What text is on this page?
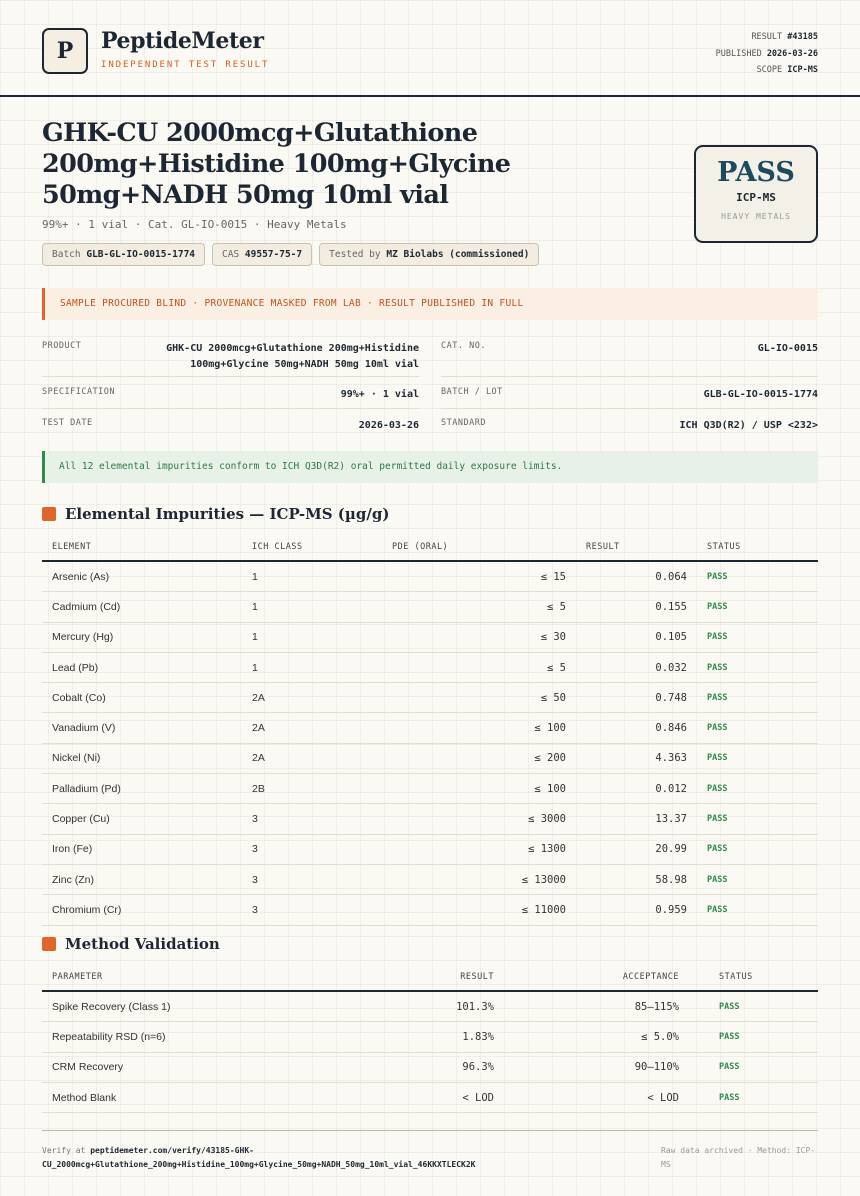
P	PeptideMeter
INDEPENDENT TEST RESULT
RESULT #43185
PUBLISHED 2026-03-26
SCOPE ICP-MS
GHK-CU 2000mcg+Glutathione 200mg+Histidine 100mg+Glycine 50mg+NADH 50mg 10ml vial
99%+ · 1 vial · Cat. GL-IO-0015 · Heavy Metals
Batch GLB-GL-IO-0015-1774	CAS 49557-75-7	Tested by MZ Biolabs (commissioned)
PASS
ICP-MS
HEAVY METALS
SAMPLE PROCURED BLIND · PROVENANCE MASKED FROM LAB · RESULT PUBLISHED IN FULL
PRODUCT	GHK-CU 2000mcg+Glutathione 200mg+Histidine 100mg+Glycine 50mg+NADH 50mg 10ml vial
CAT. NO.	GL-IO-0015
SPECIFICATION	99%+ · 1 vial	BATCH / LOT	GLB-GL-IO-0015-1774
TEST DATE	2026-03-26	STANDARD	ICH Q3D(R2) / USP <232>
All 12 elemental impurities conform to ICH Q3D(R2) oral permitted daily exposure limits.
Elemental Impurities — ICP-MS (µg/g)
ELEMENT	ICH CLASS	PDE (ORAL)	RESULT	STATUS
Arsenic (As)	1	≤ 15	0.064	PASS
Cadmium (Cd)	1	≤ 5	0.155	PASS
Mercury (Hg)	1	≤ 30	0.105	PASS
Lead (Pb)	1	≤ 5	0.032	PASS
Cobalt (Co)	2A	≤ 50	0.748	PASS
Vanadium (V)	2A	≤ 100	0.846	PASS
Nickel (Ni)	2A	≤ 200	4.363	PASS
Palladium (Pd)	2B	≤ 100	0.012	PASS
Copper (Cu)	3	≤ 3000	13.37	PASS
Iron (Fe)	3	≤ 1300	20.99	PASS
Zinc (Zn)	3	≤ 13000	58.98	PASS
Chromium (Cr)	3	≤ 11000	0.959	PASS
Method Validation
PARAMETER	RESULT	ACCEPTANCE	STATUS
Spike Recovery (Class 1)	101.3%	85–115%	PASS
Repeatability RSD (n=6)	1.83%	≤ 5.0%	PASS
CRM Recovery	96.3%	90–110%	PASS
Method Blank	< LOD	< LOD	PASS
Verify at peptidemeter.com/verify/43185-GHK-CU_2000mcg+Glutathione_200mg+Histidine_100mg+Glycine_50mg+NADH_50mg_10ml_vial_46KKXTLECK2K
Raw data archived · Method: ICP-MS
